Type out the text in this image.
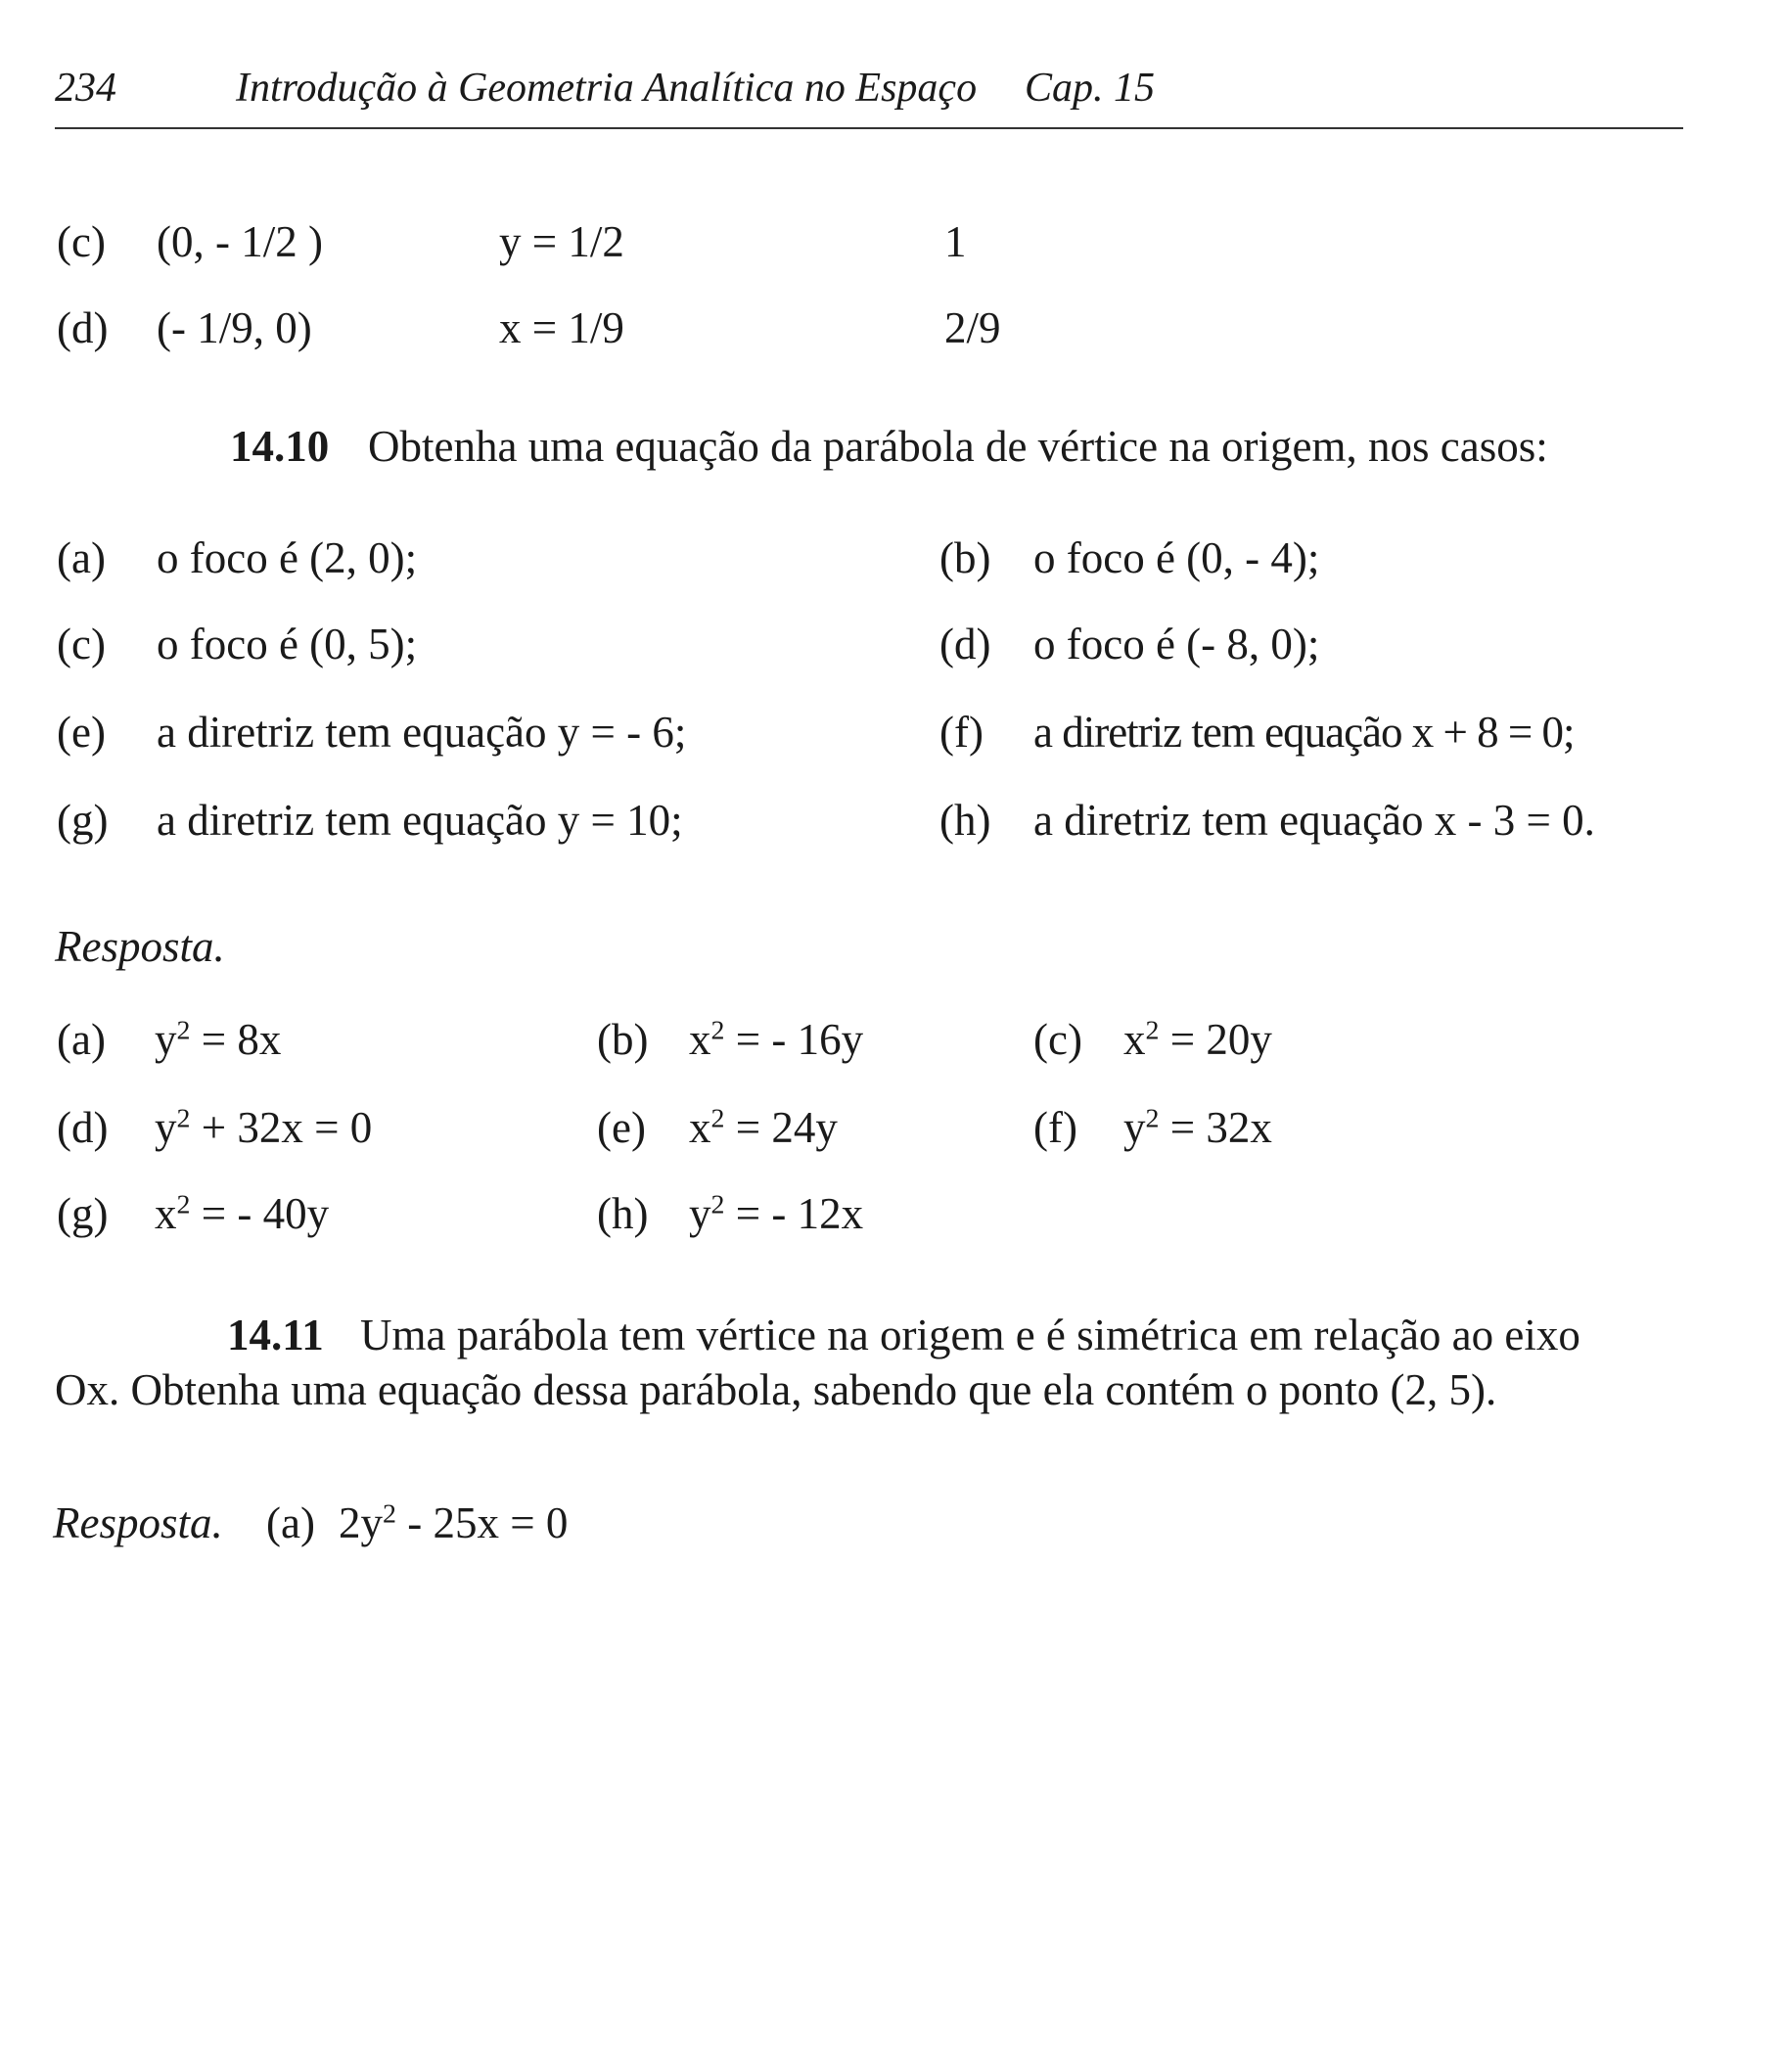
234	Introdução à Geometria Analítica no Espaço Cap. 15
(c) (0, - 1/2 )	y = 1/2	1
(d) (- 1/9, 0)	x = 1/9	2/9
14.10 Obtenha uma equação da parábola de vértice na origem, nos casos:
(a) o foco é (2, 0);	(b) o foco é (0, - 4);
(c) o foco é (0, 5);	(d) o foco é (- 8, 0);
(e) a diretriz tem equação y = - 6;	(f) a diretriz tem equação x + 8 = 0;
(g) a diretriz tem equação y = 10;	(h) a diretriz tem equação x - 3 = 0.
Resposta.
(a) $y^2 = 8x$	(b) $x^2$ = - 16y	(c) $x^2 = 20y$
(d) $y^2 + 32x = 0$	(e) $x^2 = 24y$	(f) $y^2 = 32x$
(g) $x^2$ = - 40y	(h) $y^2$ = - 12x
14.11 Uma parábola tem vértice na origem e é simétrica em relação ao eixo
Ox. Obtenha uma equação dessa parábola, sabendo que ela contém o ponto (2, 5).
Resposta. (a) $2y^2 - 25x = 0$
